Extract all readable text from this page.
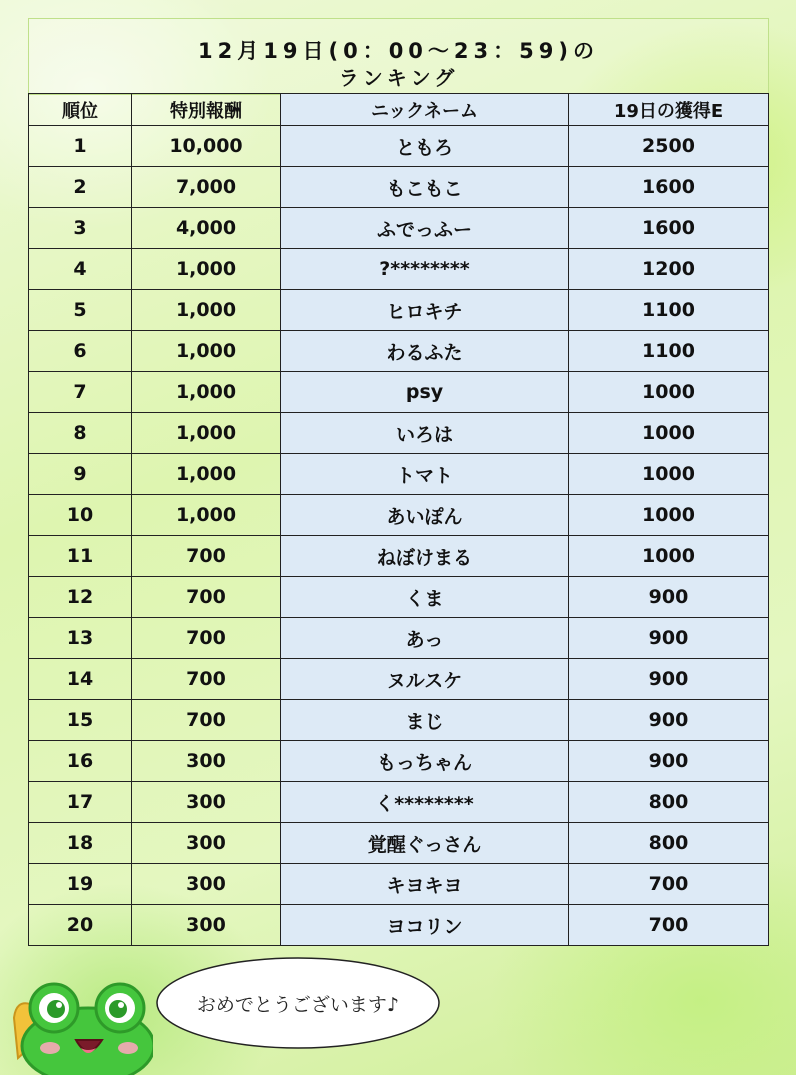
12月19日(0：00～23：59)の
ランキング
順位	特別報酬	ニックネーム	19日の獲得E
1	10,000	ともろ	2500
2	7,000	もこもこ	1600
3	4,000	ふでっふー	1600
4	1,000	?********	1200
5	1,000	ヒロキチ	1100
6	1,000	わるふた	1100
7	1,000	psy	1000
8	1,000	いろは	1000
9	1,000	トマト	1000
10	1,000	あいぽん	1000
11	700	ねぼけまる	1000
12	700	くま	900
13	700	あっ	900
14	700	ヌルスケ	900
15	700	まじ	900
16	300	もっちゃん	900
17	300	く********	800
18	300	覚醒ぐっさん	800
19	300	キヨキヨ	700
20	300	ヨコリン	700
おめでとうございます♪
